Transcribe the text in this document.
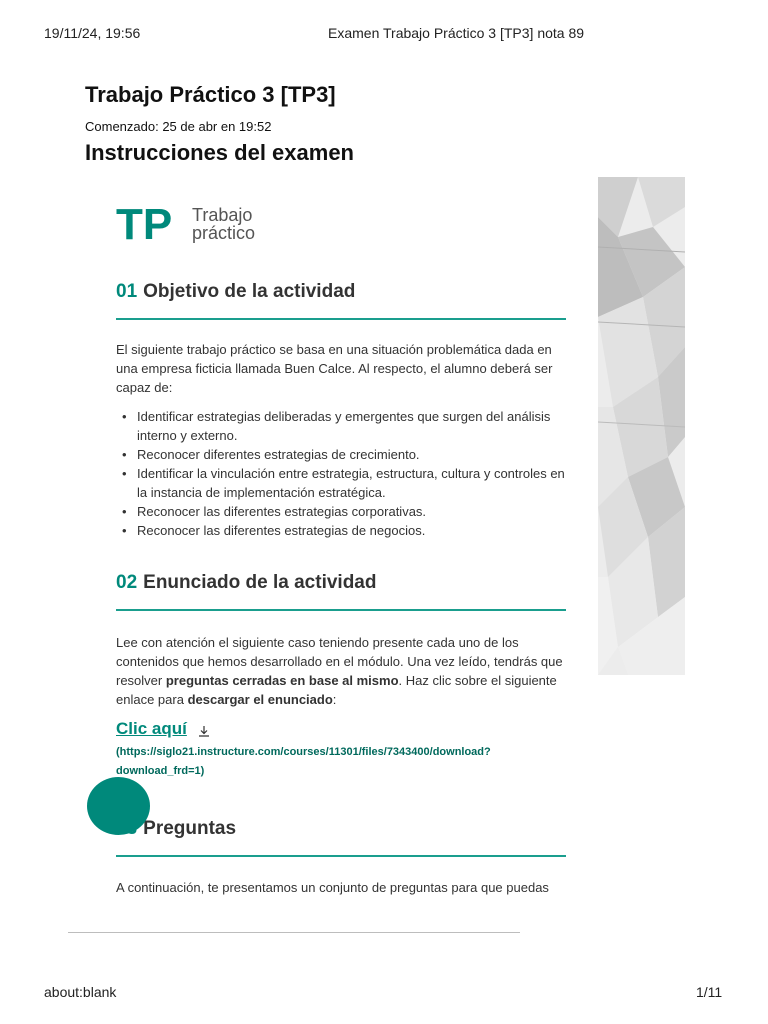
19/11/24, 19:56	Examen Trabajo Práctico 3 [TP3] nota 89
Trabajo Práctico 3 [TP3]
Comenzado: 25 de abr en 19:52
Instrucciones del examen
TP Trabajo
práctico
01 Objetivo de la actividad
El siguiente trabajo práctico se basa en una situación problemática dada en una empresa ficticia llamada Buen Calce. Al respecto, el alumno deberá ser capaz de:
• Identificar estrategias deliberadas y emergentes que surgen del análisis interno y externo.
• Reconocer diferentes estrategias de crecimiento.
• Identificar la vinculación entre estrategia, estructura, cultura y controles en la instancia de implementación estratégica.
• Reconocer las diferentes estrategias corporativas.
• Reconocer las diferentes estrategias de negocios.
02 Enunciado de la actividad
Lee con atención el siguiente caso teniendo presente cada uno de los contenidos que hemos desarrollado en el módulo. Una vez leído, tendrás que resolver preguntas cerradas en base al mismo. Haz clic sobre el siguiente enlace para descargar el enunciado:
Clic aquí
(https://siglo21.instructure.com/courses/11301/files/7343400/download?download_frd=1)
Preguntas
A continuación, te presentamos un conjunto de preguntas para que puedas
about:blank	1/11
